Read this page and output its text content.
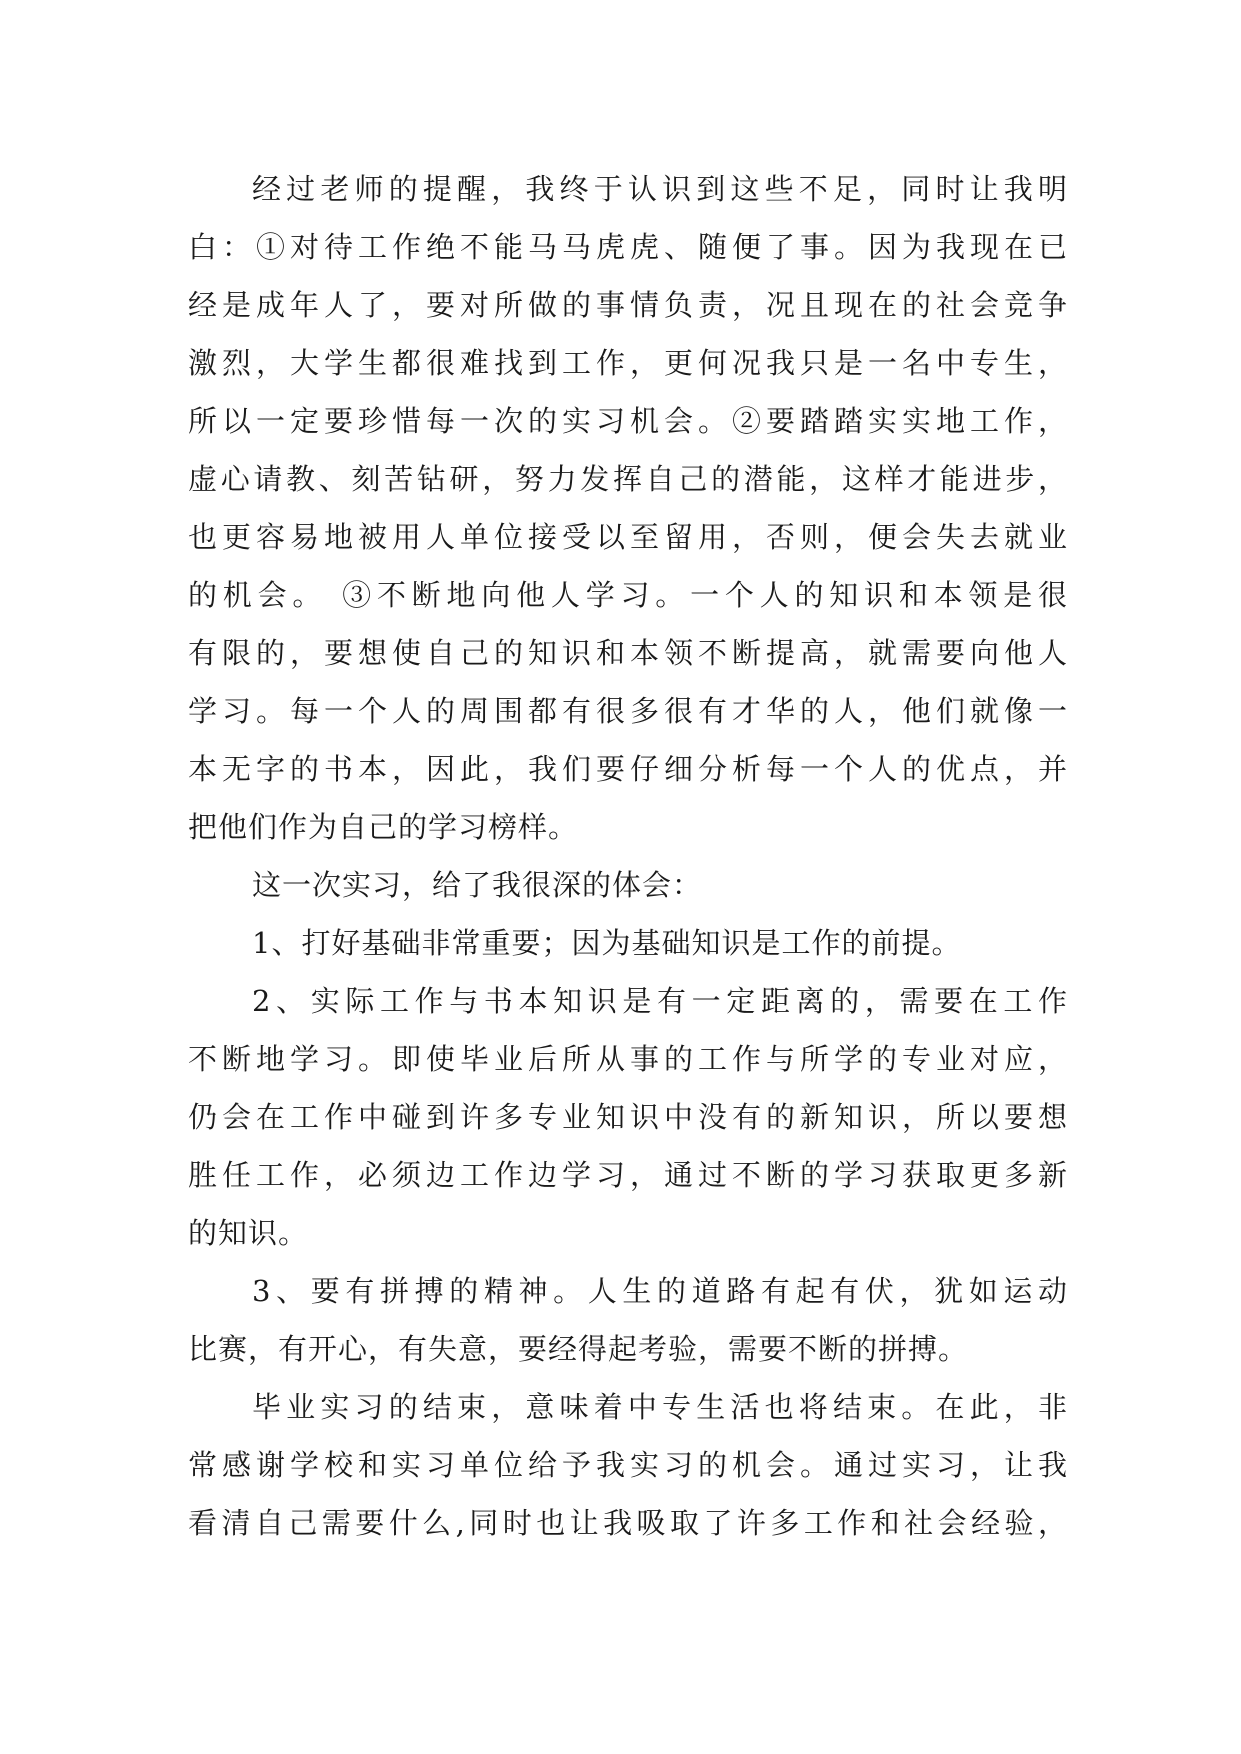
经过老师的提醒，我终于认识到这些不足，同时让我明
白：①对待工作绝不能马马虎虎、随便了事。因为我现在已
经是成年人了，要对所做的事情负责，况且现在的社会竞争
激烈，大学生都很难找到工作，更何况我只是一名中专生，
所以一定要珍惜每一次的实习机会。②要踏踏实实地工作，
虚心请教、刻苦钻研，努力发挥自己的潜能，这样才能进步，
也更容易地被用人单位接受以至留用，否则，便会失去就业
的机会。 ③不断地向他人学习。一个人的知识和本领是很
有限的，要想使自己的知识和本领不断提高，就需要向他人
学习。每一个人的周围都有很多很有才华的人，他们就像一
本无字的书本，因此，我们要仔细分析每一个人的优点，并
把他们作为自己的学习榜样。
这一次实习，给了我很深的体会：
1、打好基础非常重要；因为基础知识是工作的前提。
2、实际工作与书本知识是有一定距离的，需要在工作
不断地学习。即使毕业后所从事的工作与所学的专业对应，
仍会在工作中碰到许多专业知识中没有的新知识，所以要想
胜任工作，必须边工作边学习，通过不断的学习获取更多新
的知识。
3、要有拼搏的精神。人生的道路有起有伏，犹如运动
比赛，有开心，有失意，要经得起考验，需要不断的拼搏。
毕业实习的结束，意味着中专生活也将结束。在此，非
常感谢学校和实习单位给予我实习的机会。通过实习，让我
看清自己需要什么,同时也让我吸取了许多工作和社会经验，
